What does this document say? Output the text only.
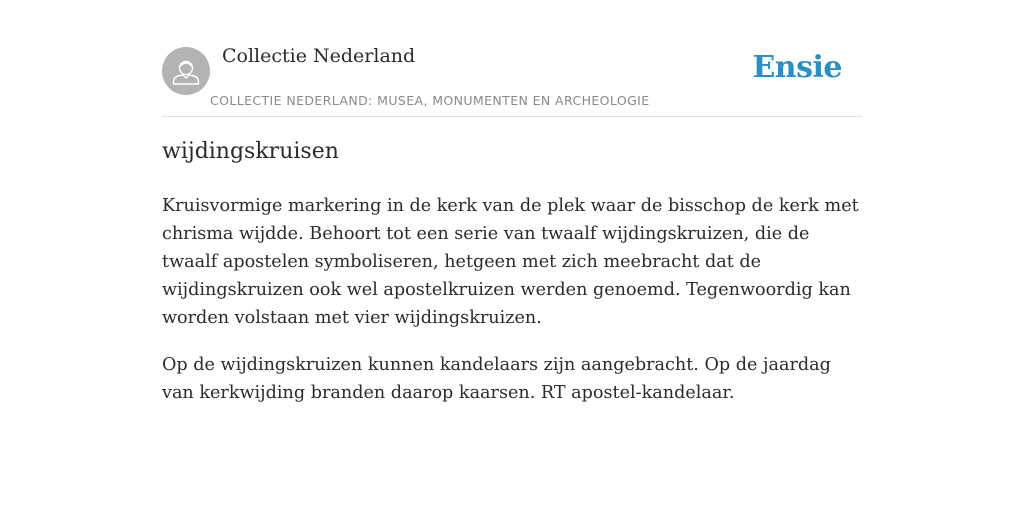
Collectie Nederland
COLLECTIE NEDERLAND: MUSEA, MONUMENTEN EN ARCHEOLOGIE
Ensie
wijdingskruisen

Kruisvormige markering in de kerk van de plek waar de bisschop de kerk met chrisma wijdde. Behoort tot een serie van twaalf wijdingskruizen, die de twaalf apostelen symboliseren, hetgeen met zich meebracht dat de wijdingskruizen ook wel apostelkruizen werden genoemd. Tegenwoordig kan worden volstaan met vier wijdingskruizen.

Op de wijdingskruizen kunnen kandelaars zijn aangebracht. Op de jaardag van kerkwijding branden daarop kaarsen. RT apostel-kandelaar.
